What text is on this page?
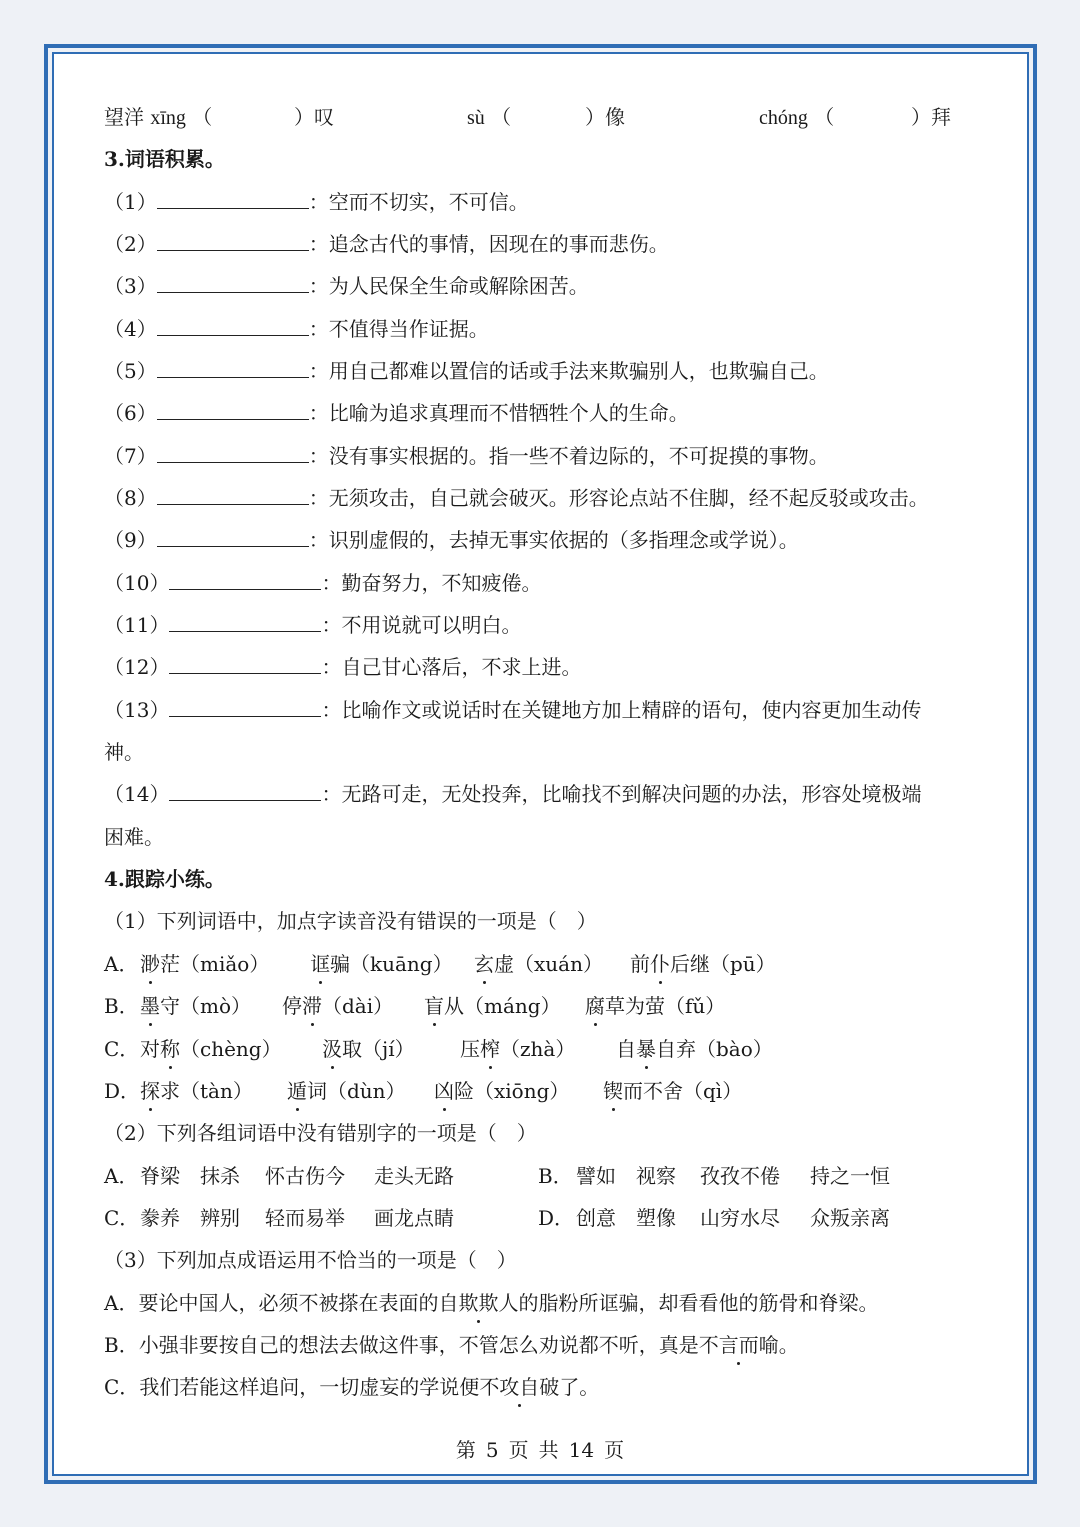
望洋 xīng （	）叹	sù （	）像	chóng （	）拜
3.词语积累。
（1）	：空而不切实，不可信。
（2）	：追念古代的事情，因现在的事而悲伤。
（3）	：为人民保全生命或解除困苦。
（4）	：不值得当作证据。
（5）	：用自己都难以置信的话或手法来欺骗别人，也欺骗自己。
（6）	：比喻为追求真理而不惜牺牲个人的生命。
（7）	：没有事实根据的。指一些不着边际的，不可捉摸的事物。
（8）	：无须攻击，自己就会破灭。形容论点站不住脚，经不起反驳或攻击。
（9）	：识别虚假的，去掉无事实依据的（多指理念或学说）。
（10）	：勤奋努力，不知疲倦。
（11）	：不用说就可以明白。
（12）	：自己甘心落后，不求上进。
（13）	：比喻作文或说话时在关键地方加上精辟的语句，使内容更加生动传
神。
（14）	：无路可走，无处投奔，比喻找不到解决问题的办法，形容处境极端
困难。
4.跟踪小练。
（1）下列词语中，加点字读音没有错误的一项是（　）
A． 渺茫（miǎo） 诓骗（kuāng） 玄虚（xuán） 前仆后继（pū）
B． 墨守（mò） 停滞（dài） 盲从（máng） 腐草为萤（fǔ）
C． 对称（chèng） 汲取（jí） 压榨（zhà） 自暴自弃（bào）
D． 探求（tàn） 遁词（dùn） 凶险（xiōng） 锲而不舍（qì）
（2）下列各组词语中没有错别字的一项是（　）
A． 脊梁 抹杀 怀古伤今 走头无路	B． 譬如 视察 孜孜不倦 持之一恒
C． 豢养 辨别 轻而易举 画龙点睛	D． 创意 塑像 山穷水尽 众叛亲离
（3）下列加点成语运用不恰当的一项是（　）
A．要论中国人，必须不被搽在表面的自欺欺人的脂粉所诓骗，却看看他的筋骨和脊梁。
B．小强非要按自己的想法去做这件事，不管怎么劝说都不听，真是不言而喻。
C．我们若能这样追问，一切虚妄的学说便不攻自破了。
第 5 页 共 14 页
